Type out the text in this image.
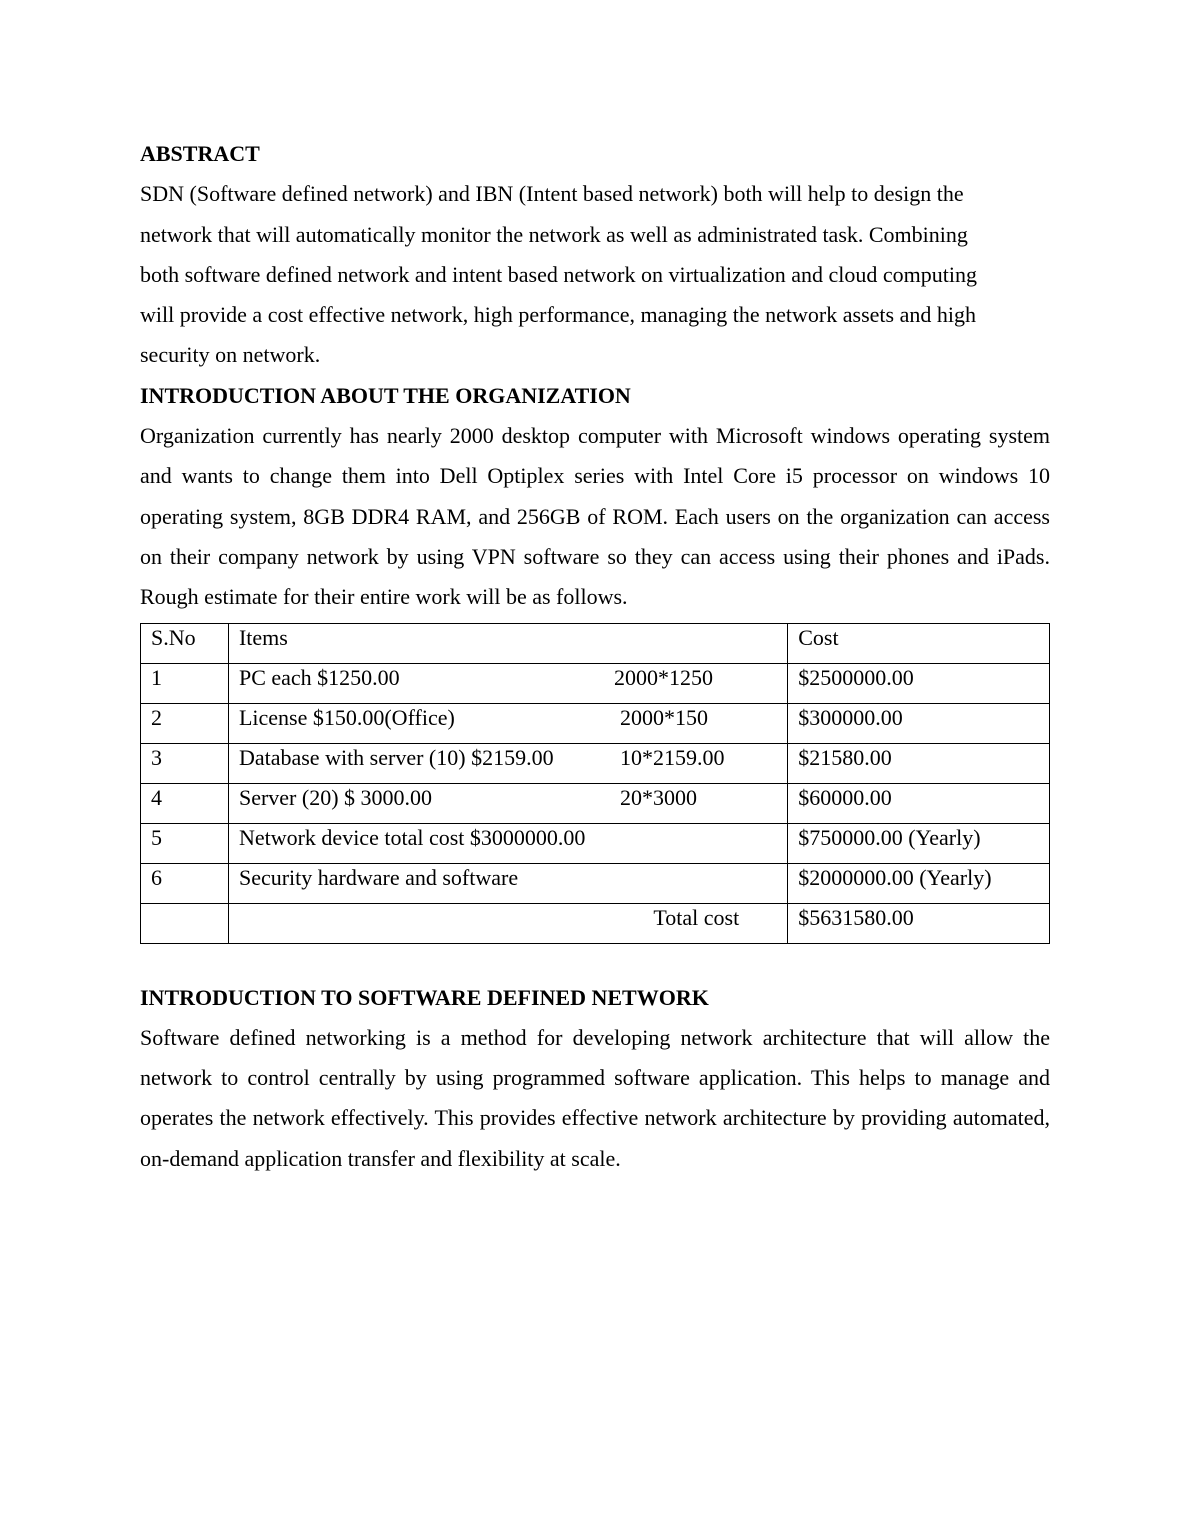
ABSTRACT

SDN (Software defined network) and IBN (Intent based network) both will help to design the

network that will automatically monitor the network as well as administrated task. Combining

both software defined network and intent based network on virtualization and cloud computing

will provide a cost effective network, high performance, managing the network assets and high

security on network.

INTRODUCTION ABOUT THE ORGANIZATION

Organization currently has nearly 2000 desktop computer with Microsoft windows operating system and wants to change them into Dell Optiplex series with Intel Core i5 processor on windows 10 operating system, 8GB DDR4 RAM, and 256GB of ROM. Each users on the organization can access on their company network by using VPN software so they can access using their phones and iPads. Rough estimate for their entire work will be as follows.

S.No	Items	Cost
1	PC each $1250.00 2000*1250	$2500000.00
2	License $150.00(Office) 2000*150	$300000.00
3	Database with server (10) $2159.00 10*2159.00	$21580.00
4	Server (20) $ 3000.00 20*3000	$60000.00
5	Network device total cost $3000000.00	$750000.00 (Yearly)
6	Security hardware and software	$2000000.00 (Yearly)

	Total cost	$5631580.00

INTRODUCTION TO SOFTWARE DEFINED NETWORK

Software defined networking is a method for developing network architecture that will allow the network to control centrally by using programmed software application. This helps to manage and operates the network effectively. This provides effective network architecture by providing automated, on-demand application transfer and flexibility at scale.
